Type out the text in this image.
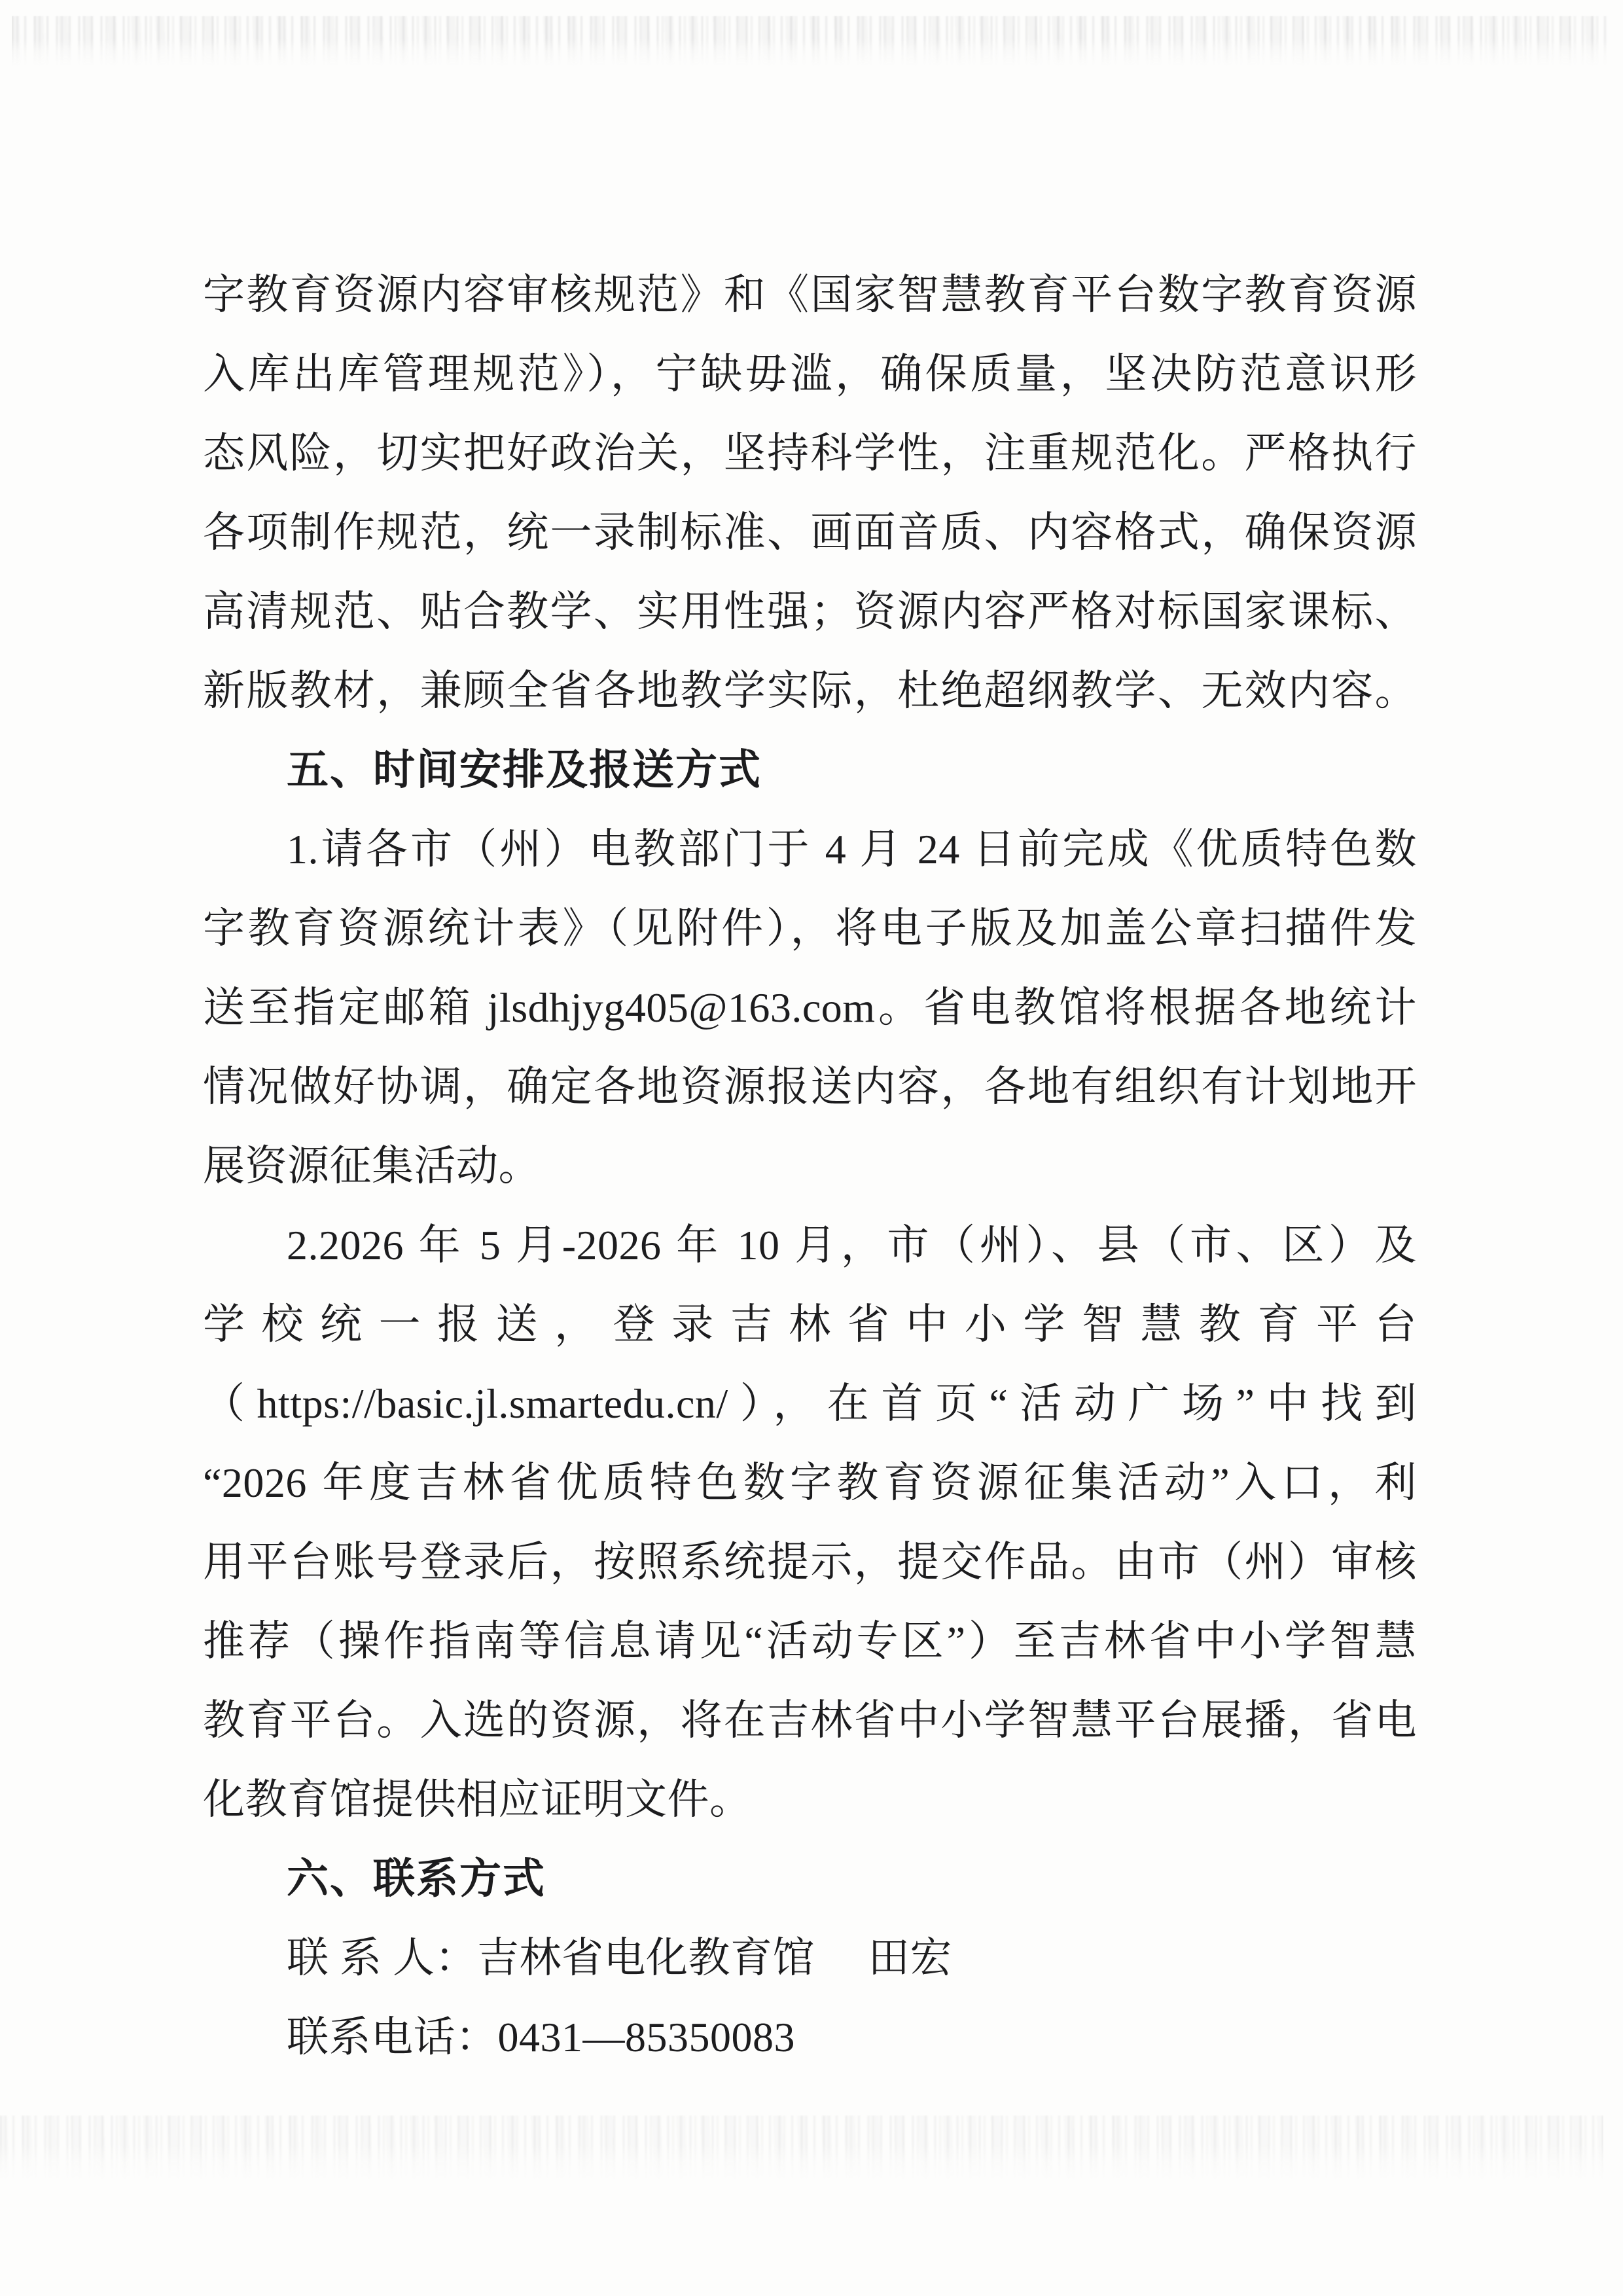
字教育资源内容审核规范》和《国家智慧教育平台数字教育资源
入库出库管理规范》），宁缺毋滥，确保质量，坚决防范意识形
态风险，切实把好政治关，坚持科学性，注重规范化。严格执行
各项制作规范，统一录制标准、画面音质、内容格式，确保资源
高清规范、贴合教学、实用性强；资源内容严格对标国家课标、
新版教材，兼顾全省各地教学实际，杜绝超纲教学、无效内容。
五、时间安排及报送方式
1.请各市（州）电教部门于 4 月 24 日前完成《优质特色数
字教育资源统计表》（见附件），将电子版及加盖公章扫描件发
送至指定邮箱 jlsdhjyg405@163.com。省电教馆将根据各地统计
情况做好协调，确定各地资源报送内容，各地有组织有计划地开
展资源征集活动。
2.2026 年 5 月-2026 年 10 月，市（州）、县（市、区）及
学校统一报送，登录吉林省中小学智慧教育平台
（https://basic.jl.smartedu.cn/），在首页“活动广场”中找到
“2026 年度吉林省优质特色数字教育资源征集活动”入口，利
用平台账号登录后，按照系统提示，提交作品。由市（州）审核
推荐（操作指南等信息请见“活动专区”）至吉林省中小学智慧
教育平台。入选的资源，将在吉林省中小学智慧平台展播，省电
化教育馆提供相应证明文件。
六、联系方式
联 系 人：吉林省电化教育馆　 田宏
联系电话：0431—85350083
